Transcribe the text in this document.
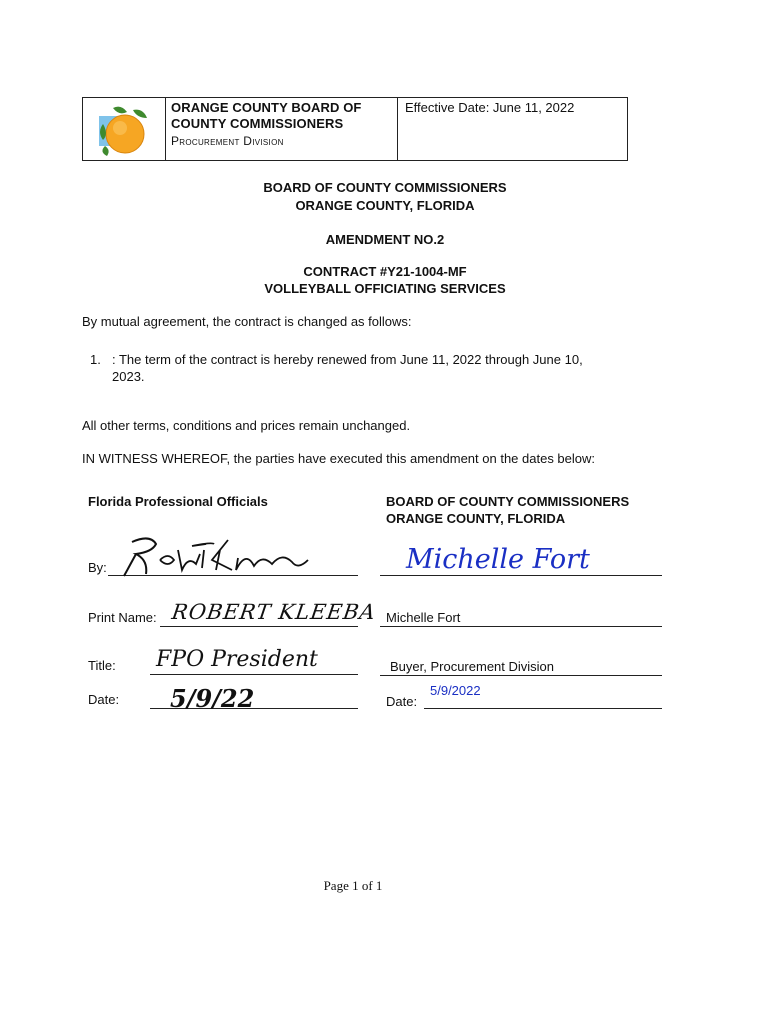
ORANGE COUNTY BOARD OF
COUNTY COMMISSIONERS
Procurement Division
Effective Date: June 11, 2022
BOARD OF COUNTY COMMISSIONERS
ORANGE COUNTY, FLORIDA
AMENDMENT NO.2
CONTRACT #Y21-1004-MF
VOLLEYBALL OFFICIATING SERVICES
By mutual agreement, the contract is changed as follows:
1. : The term of the contract is hereby renewed from June 11, 2022 through June 10,
2023.
All other terms, conditions and prices remain unchanged.
IN WITNESS WHEREOF, the parties have executed this amendment on the dates below:
Florida Professional Officials	BOARD OF COUNTY COMMISSIONERS
ORANGE COUNTY, FLORIDA
By:
Print Name: ROBERT KLEEBA
Title: FPO President
Date: 5/9/22
Michelle Fort
Michelle Fort
Buyer, Procurement Division
Date:
5/9/2022
Page 1 of 1
